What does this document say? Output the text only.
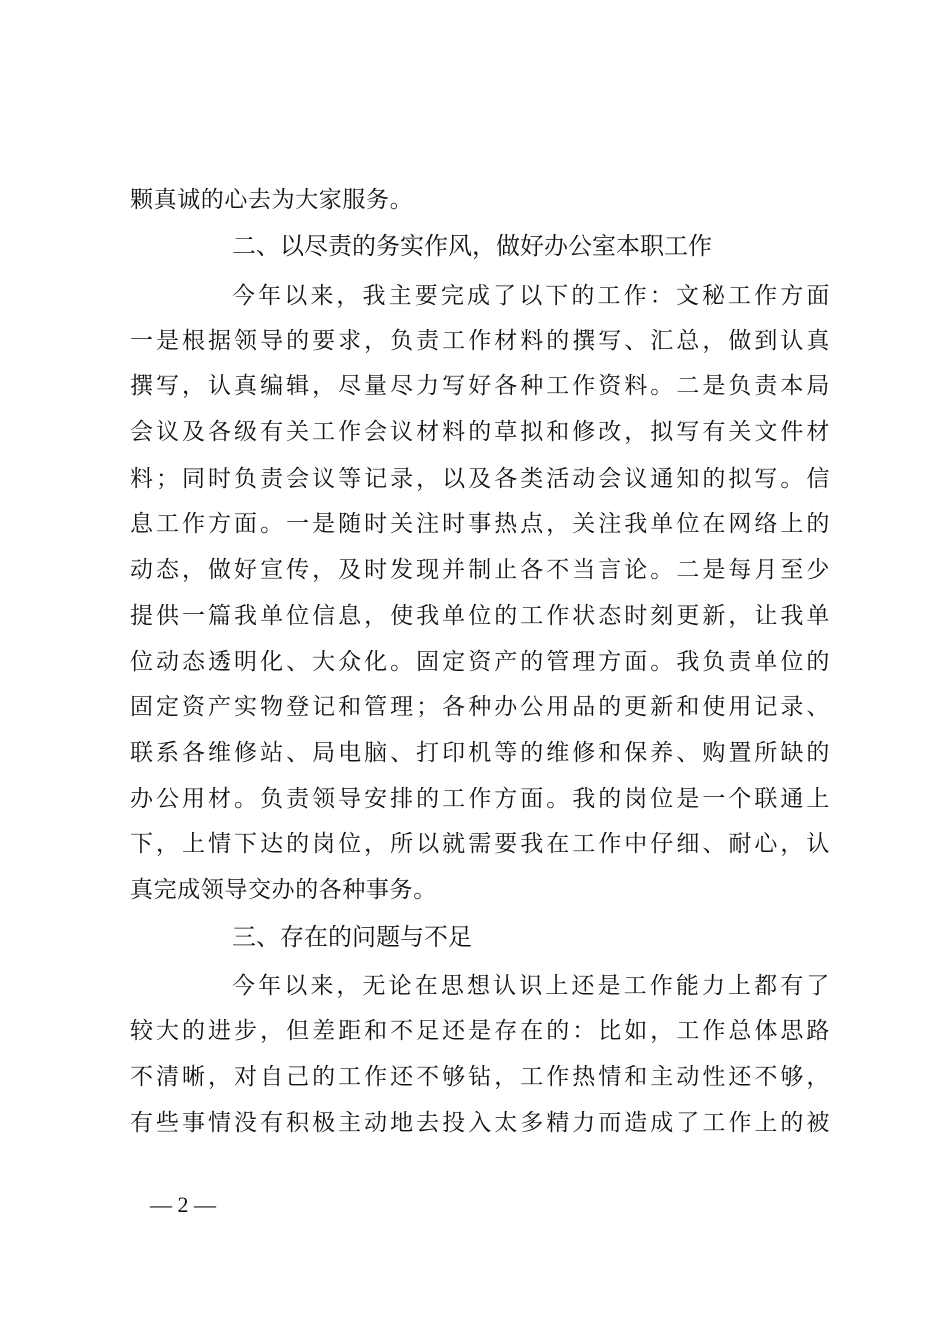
颗真诚的心去为大家服务。
二、以尽责的务实作风，做好办公室本职工作
今年以来，我主要完成了以下的工作：文秘工作方面
一是根据领导的要求，负责工作材料的撰写、汇总，做到认真
撰写，认真编辑，尽量尽力写好各种工作资料。二是负责本局
会议及各级有关工作会议材料的草拟和修改，拟写有关文件材
料；同时负责会议等记录，以及各类活动会议通知的拟写。信
息工作方面。一是随时关注时事热点，关注我单位在网络上的
动态，做好宣传，及时发现并制止各不当言论。二是每月至少
提供一篇我单位信息，使我单位的工作状态时刻更新，让我单
位动态透明化、大众化。固定资产的管理方面。我负责单位的
固定资产实物登记和管理；各种办公用品的更新和使用记录、
联系各维修站、局电脑、打印机等的维修和保养、购置所缺的
办公用材。负责领导安排的工作方面。我的岗位是一个联通上
下，上情下达的岗位，所以就需要我在工作中仔细、耐心，认
真完成领导交办的各种事务。
三、存在的问题与不足
今年以来，无论在思想认识上还是工作能力上都有了
较大的进步，但差距和不足还是存在的：比如，工作总体思路
不清晰，对自己的工作还不够钻，工作热情和主动性还不够，
有些事情没有积极主动地去投入太多精力而造成了工作上的被
— 2 —
